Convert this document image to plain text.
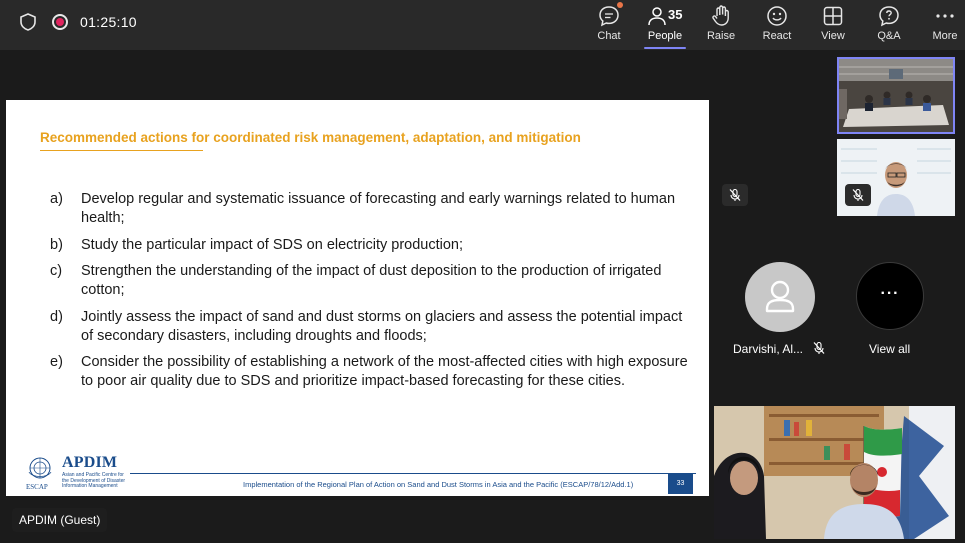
01:25:10
Chat	People
35
Raise	React	View	Q&A	More
Recommended actions for coordinated risk management, adaptation, and mitigation
a) Develop regular and systematic issuance of forecasting and early warnings related to human health;
b) Study the particular impact of SDS on electricity production;
c) Strengthen the understanding of the impact of dust deposition to the production of irrigated cotton;
d) Jointly assess the impact of sand and dust storms on glaciers and assess the potential impact of secondary disasters, including droughts and floods;
e) Consider the possibility of establishing a network of the most-affected cities with high exposure to poor air quality due to SDS and prioritize impact-based forecasting for these cities.
ESCAP
APDIM
Asian and Pacific Centre for the Development of Disaster Information Management	Implementation of the Regional Plan of Action on Sand and Dust Storms in Asia and the Pacific (ESCAP/78/12/Add.1)	33
Darvishi, Al...
···
View all
APDIM (Guest)
